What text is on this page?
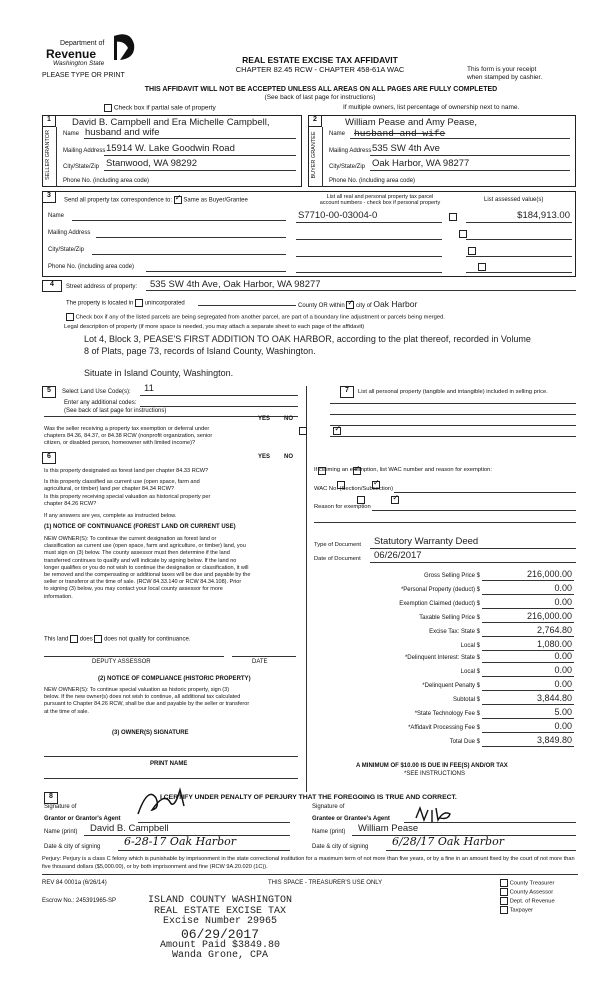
Department of
Revenue
Washington State
PLEASE TYPE OR PRINT
REAL ESTATE EXCISE TAX AFFIDAVIT
CHAPTER 82.45 RCW - CHAPTER 458-61A WAC	This form is your receipt
when stamped by cashier.
THIS AFFIDAVIT WILL NOT BE ACCEPTED UNLESS ALL AREAS ON ALL PAGES ARE FULLY COMPLETED
(See back of last page for instructions)
Check box if partial sale of property	If multiple owners, list percentage of ownership next to name.
1
SELLER GRANTOR
David B. Campbell and Era Michelle Campbell,
Name husband and wife
Mailing Address 15914 W. Lake Goodwin Road
City/State/Zip Stanwood, WA 98292
Phone No. (including area code)
2
BUYER GRANTEE
William Pease and Amy Pease,
Name husband and wife
Mailing Address 535 SW 4th Ave
City/State/Zip Oak Harbor, WA 98277
Phone No. (including area code)
3
Send all property tax correspondence to: ✓ Same as Buyer/Grantee
Name
Mailing Address
City/State/Zip
Phone No. (including area code)
List all real and personal property tax parcel
account numbers - check box if personal property	List assessed value(s)
S7710-00-03004-0	$184,913.00

4	Street address of property: 535 SW 4th Ave, Oak Harbor, WA 98277
The property is located in unincorporated	County OR within ✓ city of Oak Harbor
Check box if any of the listed parcels are being segregated from another parcel, are part of a boundary line adjustment or parcels being merged.
Legal description of property (if more space is needed, you may attach a separate sheet to each page of the affidavit)
Lot 4, Block 3, PEASE'S FIRST ADDITION TO OAK HARBOR, according to the plat thereof, recorded in Volume
8 of Plats, page 73, records of Island County, Washington.
Situate in Island County, Washington.
5	Select Land Use Code(s): 11
Enter any additional codes:
(See back of last page for instructions)
YES NO
Was the seller receiving a property tax exemption or deferral under
chapters 84.36, 84.37, or 84.38 RCW (nonprofit organization, senior
citizen, or disabled person, homeowner with limited income)?
✓
6	YES NO
Is this property designated as forest land per chapter 84.33 RCW?
✓
Is this property classified as current use (open space, farm and
agricultural, or timber) land per chapter 84.34 RCW?
✓
Is this property receiving special valuation as historical property per
chapter 84.26 RCW?
✓
If any answers are yes, complete as instructed below.
(1) NOTICE OF CONTINUANCE (FOREST LAND OR CURRENT USE)
NEW OWNER(S): To continue the current designation as forest land or
classification as current use (open space, farm and agriculture, or timber) land, you
must sign on (3) below. The county assessor must then determine if the land
transferred continues to qualify and will indicate by signing below. If the land no
longer qualifies or you do not wish to continue the designation or classification, it will
be removed and the compensating or additional taxes will be due and payable by the
seller or transferor at the time of sale. (RCW 84.33.140 or RCW 84.34.108). Prior
to signing (3) below, you may contact your local county assessor for more
information.
This land does does not qualify for continuance.
DEPUTY ASSESSOR	DATE
(2) NOTICE OF COMPLIANCE (HISTORIC PROPERTY)
NEW OWNER(S): To continue special valuation as historic property, sign (3)
below. If the new owner(s) does not wish to continue, all additional tax calculated
pursuant to Chapter 84.26 RCW, shall be due and payable by the seller or transferor
at the time of sale.
(3) OWNER(S) SIGNATURE
PRINT NAME
7	List all personal property (tangible and intangible) included in selling price.
If claiming an exemption, list WAC number and reason for exemption:
WAC No. (Section/Subsection)
Reason for exemption
Type of Document Statutory Warranty Deed
Date of Document 06/26/2017
Gross Selling Price $	216,000.00
*Personal Property (deduct) $	0.00
Exemption Claimed (deduct) $	0.00
Taxable Selling Price $	216,000.00
Excise Tax: State $	2,764.80
Local $	1,080.00
*Delinquent Interest: State $	0.00
Local $	0.00
*Delinquent Penalty $	0.00
Subtotal $	3,844.80
*State Technology Fee $	5.00
*Affidavit Processing Fee $	0.00
Total Due $	3,849.80
A MINIMUM OF $10.00 IS DUE IN FEE(S) AND/OR TAX
*SEE INSTRUCTIONS
8	I CERTIFY UNDER PENALTY OF PERJURY THAT THE FOREGOING IS TRUE AND CORRECT.
Signature of
Grantor or Grantor's Agent
Name (print) David B. Campbell
Date & city of signing 6-28-17 Oak Harbor
Signature of
Grantee or Grantee's Agent
Name (print) William Pease
Date & city of signing 6/28/17 Oak Harbor
Perjury: Perjury is a class C felony which is punishable by imprisonment in the state correctional institution for a maximum term of not more than five years, or by a fine in an amount fixed by the court of not more than five thousand dollars ($5,000.00), or by both imprisonment and fine (RCW 9A.20.020 (1C)).
REV 84 0001a (6/26/14)	THIS SPACE - TREASURER'S USE ONLY
Escrow No.: 245391965-SP
County Treasurer
County Assessor
Dept. of Revenue
Taxpayer
ISLAND COUNTY WASHINGTON
REAL ESTATE EXCISE TAX
Excise Number 29965
06/29/2017
Amount Paid $3849.80
Wanda Grone, CPA
